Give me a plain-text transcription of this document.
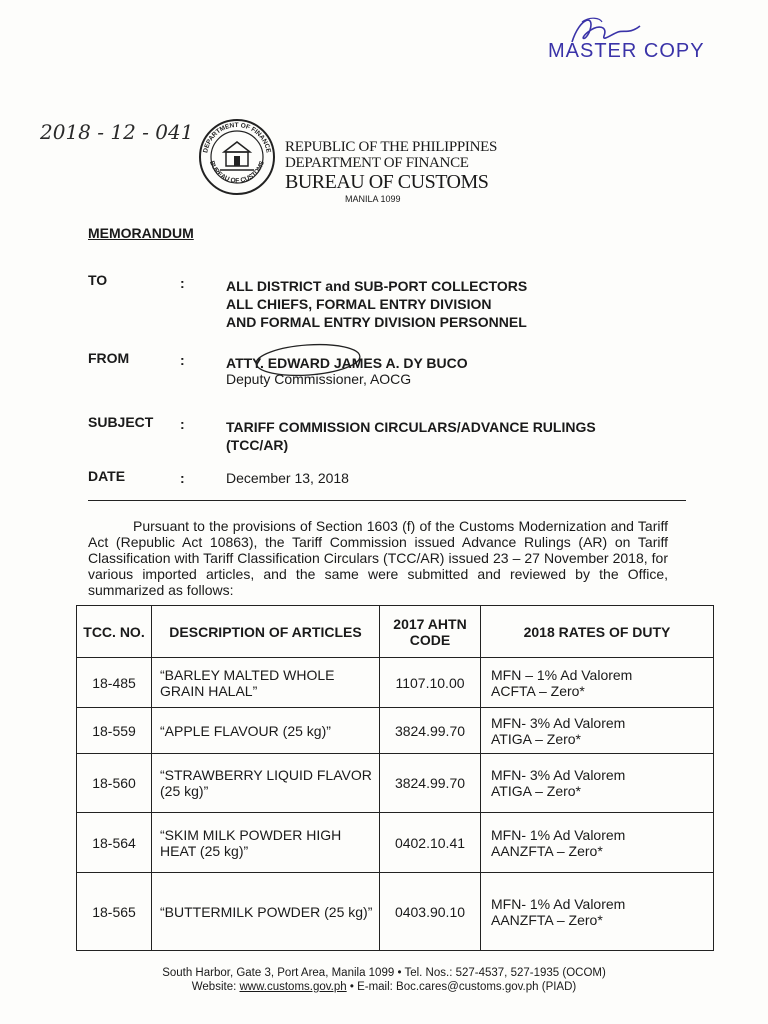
MASTER COPY
2018 - 12 - 041
DEPARTMENT OF FINANCE
BUREAU OF CUSTOMS
REPUBLIC OF THE PHILIPPINES
DEPARTMENT OF FINANCE
BUREAU OF CUSTOMS
MANILA 1099
MEMORANDUM
TO	:	ALL DISTRICT and SUB-PORT COLLECTORS
ALL CHIEFS, FORMAL ENTRY DIVISION
AND FORMAL ENTRY DIVISION PERSONNEL
FROM	:	ATTY. EDWARD JAMES A. DY BUCO
Deputy Commissioner, AOCG
SUBJECT :	TARIFF COMMISSION CIRCULARS/ADVANCE RULINGS
(TCC/AR)
DATE	:	December 13, 2018
Pursuant to the provisions of Section 1603 (f) of the Customs Modernization and Tariff Act (Republic Act 10863), the Tariff Commission issued Advance Rulings (AR) on Tariff Classification with Tariff Classification Circulars (TCC/AR) issued 23 – 27 November 2018, for various imported articles, and the same were submitted and reviewed by the Office, summarized as follows:
TCC. NO.	DESCRIPTION OF ARTICLES	2017 AHTN CODE	2018 RATES OF DUTY
18-485	“BARLEY MALTED WHOLE GRAIN HALAL”	1107.10.00	MFN – 1% Ad Valorem
ACFTA – Zero*

18-559	“APPLE FLAVOUR (25 kg)”	3824.99.70	MFN- 3% Ad Valorem
ATIGA – Zero*

18-560	“STRAWBERRY LIQUID FLAVOR (25 kg)”	3824.99.70	MFN- 3% Ad Valorem
ATIGA – Zero*

18-564	“SKIM MILK POWDER HIGH HEAT (25 kg)”	0402.10.41	MFN- 1% Ad Valorem
AANZFTA – Zero*

18-565	“BUTTERMILK POWDER (25 kg)”	0403.90.10	MFN- 1% Ad Valorem
AANZFTA – Zero*
South Harbor, Gate 3, Port Area, Manila 1099 • Tel. Nos.: 527-4537, 527-1935 (OCOM)
Website: www.customs.gov.ph • E-mail: Boc.cares@customs.gov.ph (PIAD)
